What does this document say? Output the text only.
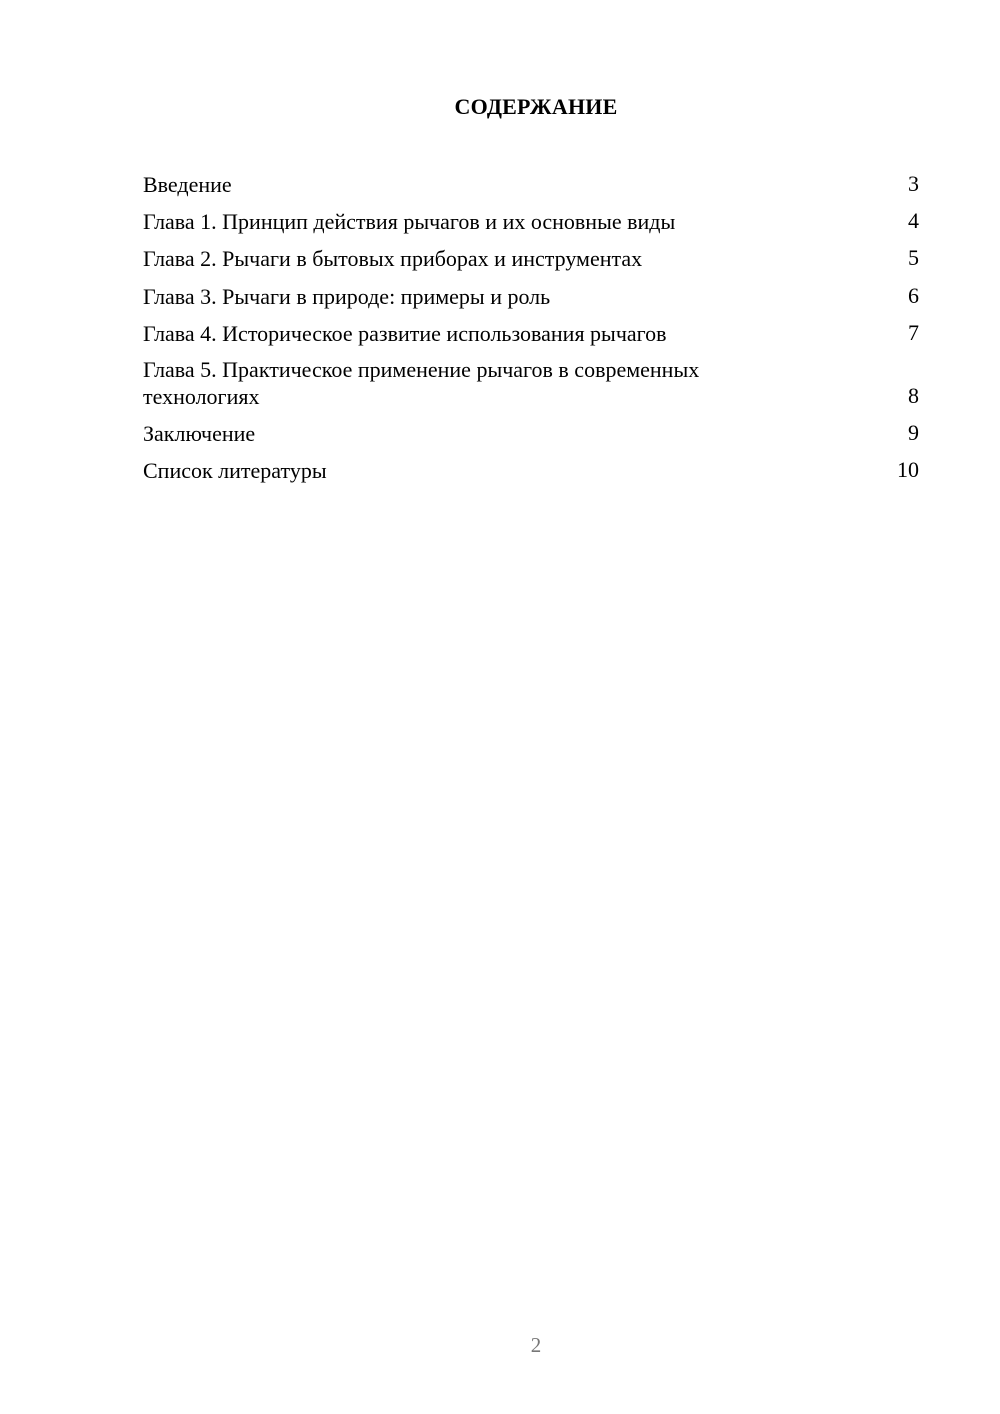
СОДЕРЖАНИЕ
Введение	3
Глава 1. Принцип действия рычагов и их основные виды	4
Глава 2. Рычаги в бытовых приборах и инструментах	5
Глава 3. Рычаги в природе: примеры и роль	6
Глава 4. Историческое развитие использования рычагов	7
Глава 5. Практическое применение рычагов в современных технологиях	8
Заключение	9
Список литературы	10
2
